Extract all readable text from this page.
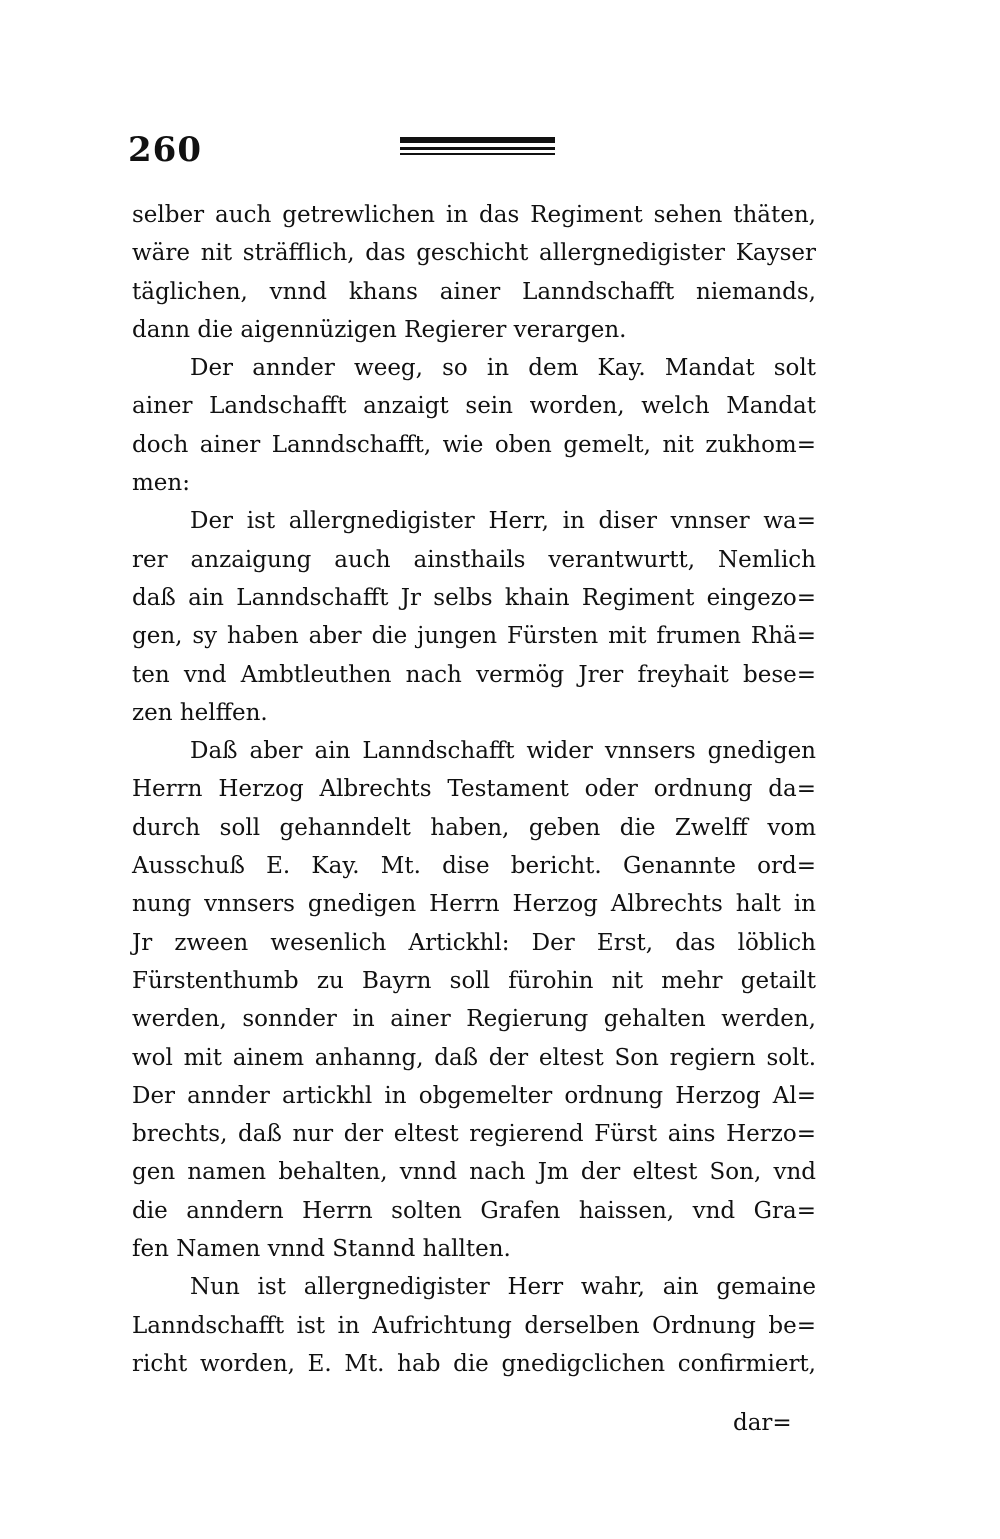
260
selber auch getrewlichen in das Regiment sehen thäten,
wäre nit sträfflich, das geschicht allergnedigister Kayser
täglichen, vnnd khans ainer Lanndschafft niemands,
dann die aigennüzigen Regierer verargen.
Der annder weeg, so in dem Kay. Mandat solt
ainer Landschafft anzaigt sein worden, welch Mandat
doch ainer Lanndschafft, wie oben gemelt, nit zukhom=
men:
Der ist allergnedigister Herr, in diser vnnser wa=
rer anzaigung auch ainsthails verantwurtt, Nemlich
daß ain Lanndschafft Jr selbs khain Regiment eingezo=
gen, sy haben aber die jungen Fürsten mit frumen Rhä=
ten vnd Ambtleuthen nach vermög Jrer freyhait bese=
zen helffen.
Daß aber ain Lanndschafft wider vnnsers gnedigen
Herrn Herzog Albrechts Testament oder ordnung da=
durch soll gehanndelt haben, geben die Zwelff vom
Ausschuß E. Kay. Mt. dise bericht. Genannte ord=
nung vnnsers gnedigen Herrn Herzog Albrechts halt in
Jr zween wesenlich Artickhl: Der Erst, das löblich
Fürstenthumb zu Bayrn soll fürohin nit mehr getailt
werden, sonnder in ainer Regierung gehalten werden,
wol mit ainem anhanng, daß der eltest Son regiern solt.
Der annder artickhl in obgemelter ordnung Herzog Al=
brechts, daß nur der eltest regierend Fürst ains Herzo=
gen namen behalten, vnnd nach Jm der eltest Son, vnd
die anndern Herrn solten Grafen haissen, vnd Gra=
fen Namen vnnd Stannd hallten.
Nun ist allergnedigister Herr wahr, ain gemaine
Lanndschafft ist in Aufrichtung derselben Ordnung be=
richt worden, E. Mt. hab die gnedigclichen confirmiert,
dar=
